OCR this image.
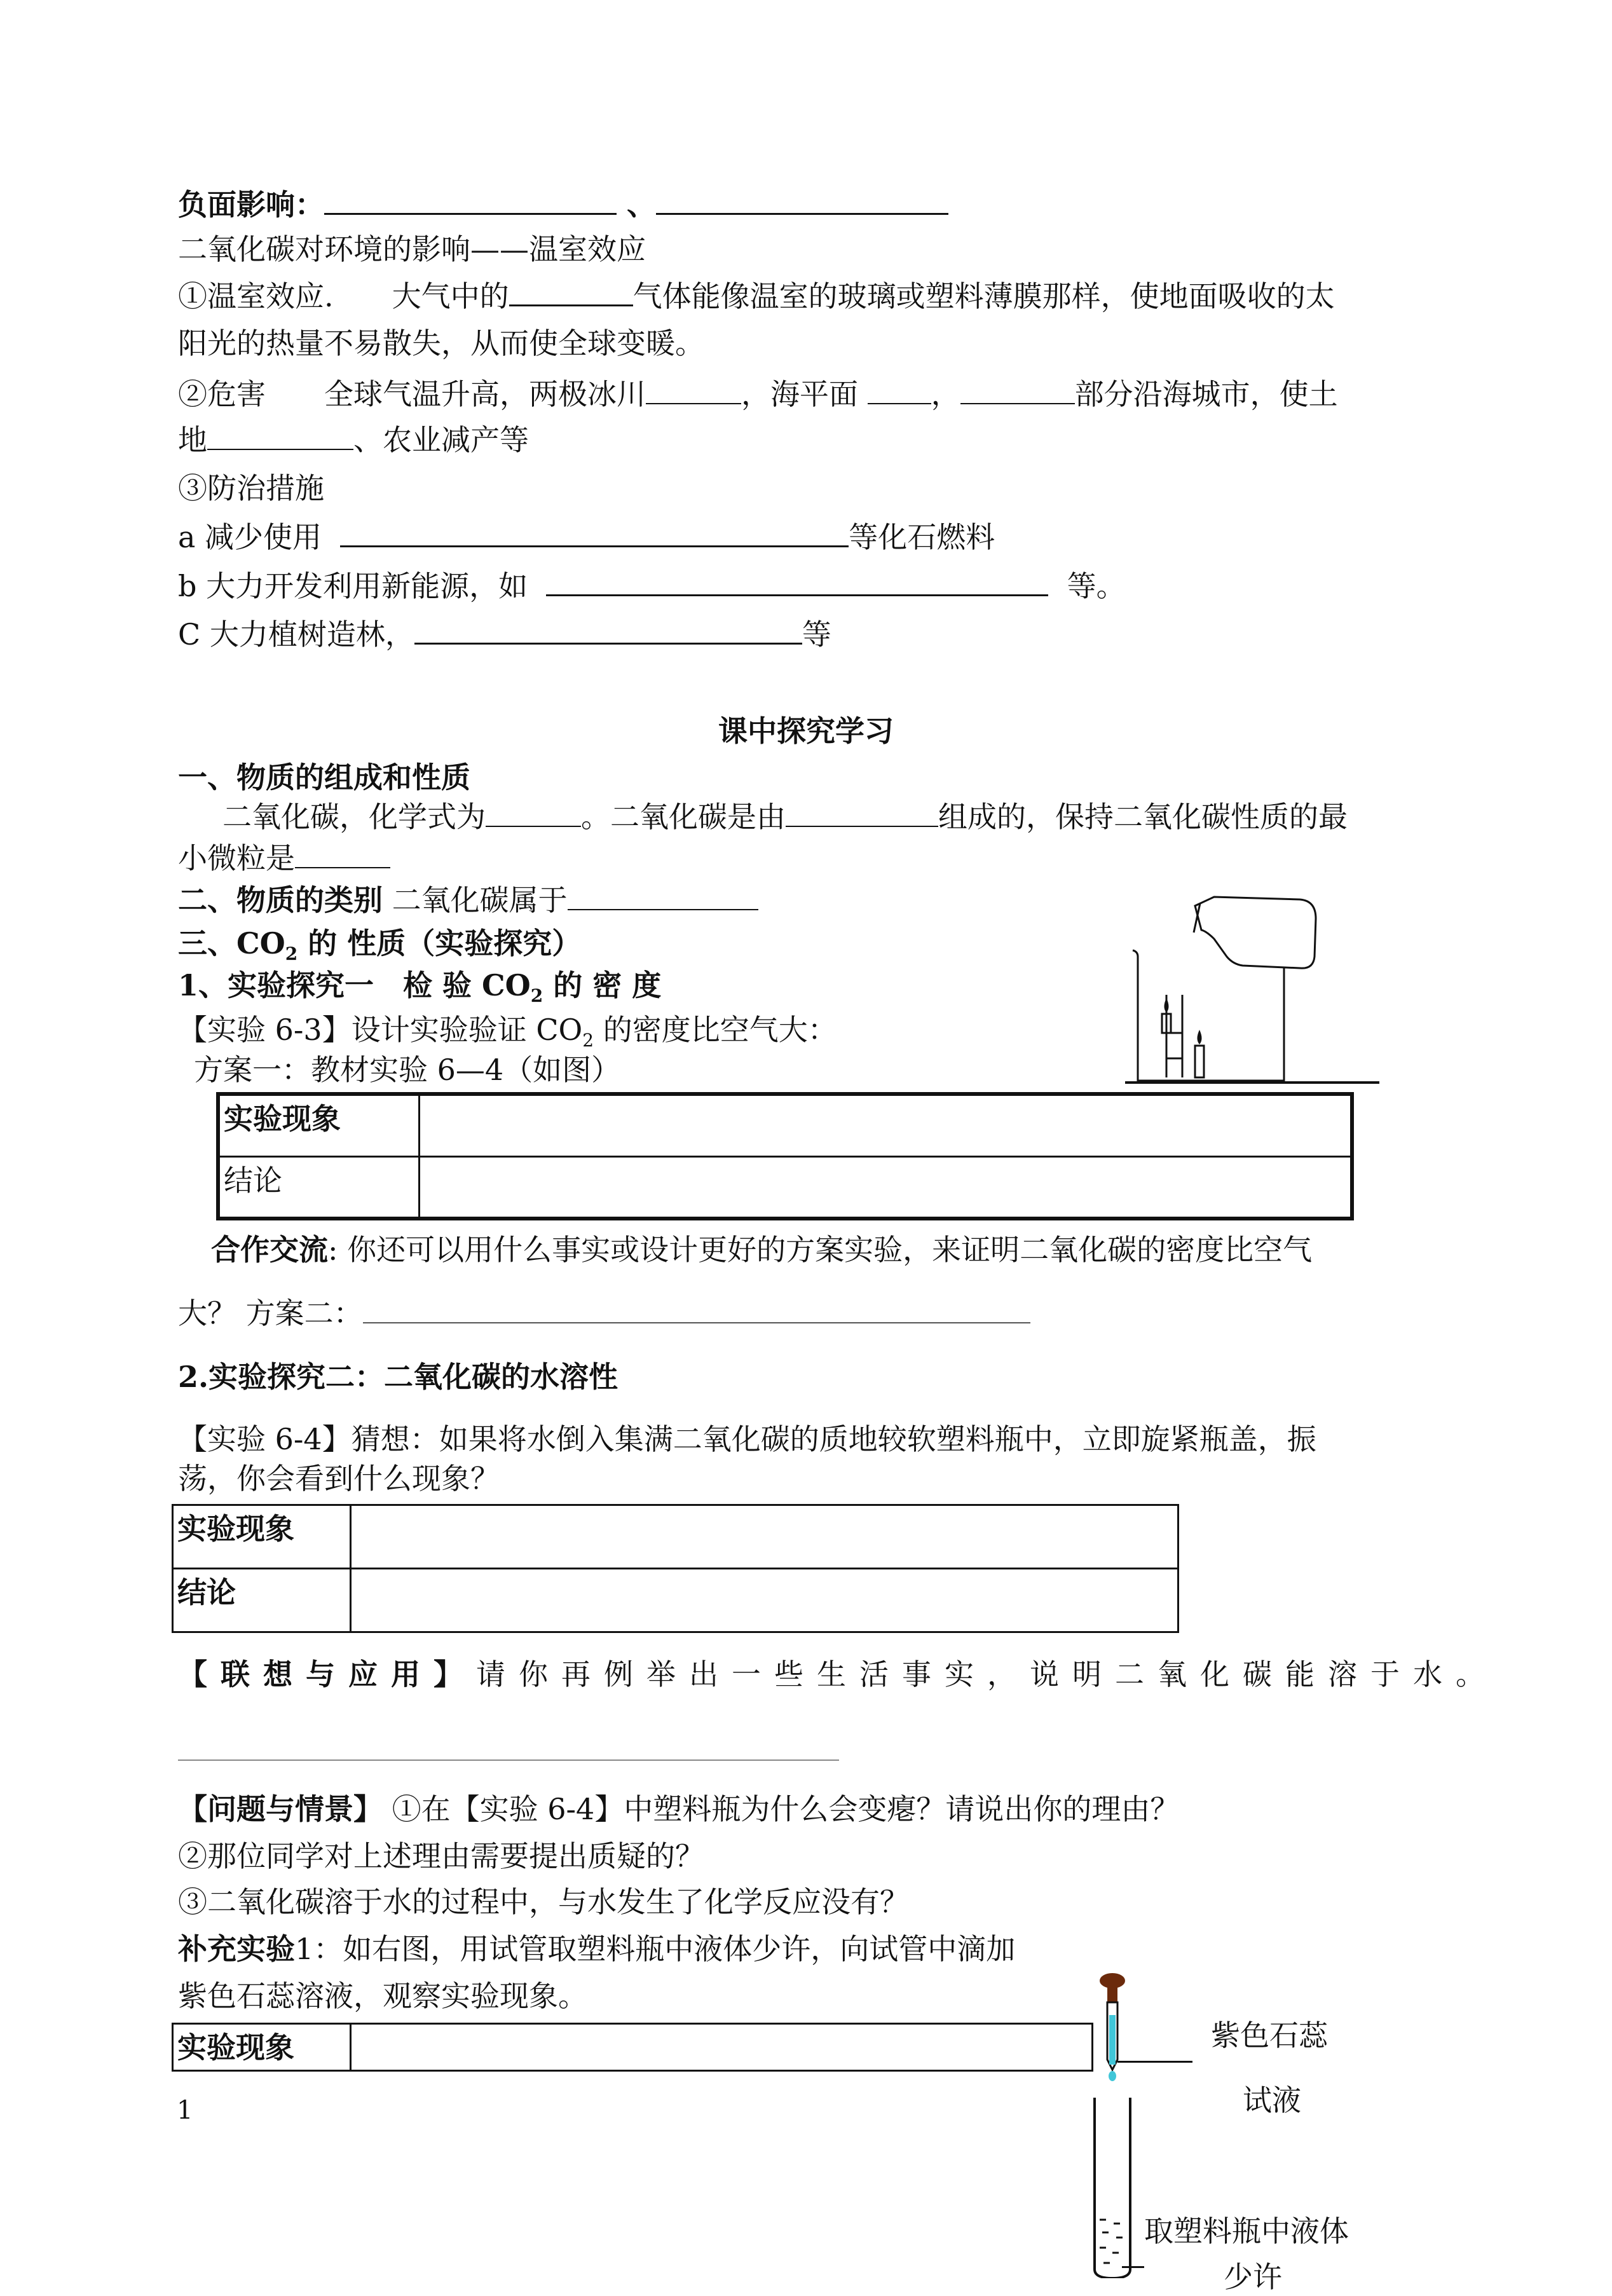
负面影响：	、
二氧化碳对环境的影响——温室效应
①温室效应.　　大气中的	气体能像温室的玻璃或塑料薄膜那样，使地面吸收的太
阳光的热量不易散失，从而使全球变暖。
②危害　　全球气温升高，两极冰川	，海平面 ，	部分沿海城市，使土
地	、农业减产等
③防治措施
a 减少使用	等化石燃料
b 大力开发利用新能源，如	等。
C 大力植树造林，	等
课中探究学习
一、物质的组成和性质
二氧化碳，化学式为	。二氧化碳是由	组成的，保持二氧化碳性质的最
小微粒是
二、物质的类别 二氧化碳属于
三、$CO_2$ 的 性质（实验探究）
1、实验探究一　检 验 $CO_2$ 的 密 度
【实验 6-3】设计实验验证 $CO_2$ 的密度比空气大：
方案一：教材实验 6—4（如图）
实验现象	
结论	
合作交流: 你还可以用什么事实或设计更好的方案实验，来证明二氧化碳的密度比空气
大？ 方案二：
2.实验探究二：二氧化碳的水溶性
【实验 6-4】猜想：如果将水倒入集满二氧化碳的质地较软塑料瓶中，立即旋紧瓶盖，振
荡，你会看到什么现象？
实验现象	
结论	
【联想与应用】请你再例举出一些生活事实，说明二氧化碳能溶于水。
【问题与情景】 ①在【实验 6-4】中塑料瓶为什么会变瘪？请说出你的理由？
②那位同学对上述理由需要提出质疑的？
③二氧化碳溶于水的过程中，与水发生了化学反应没有？
补充实验1：如右图，用试管取塑料瓶中液体少许，向试管中滴加
紫色石蕊溶液，观察实验现象。
实验现象	
1
紫色石蕊
试液
取塑料瓶中液体
少许
